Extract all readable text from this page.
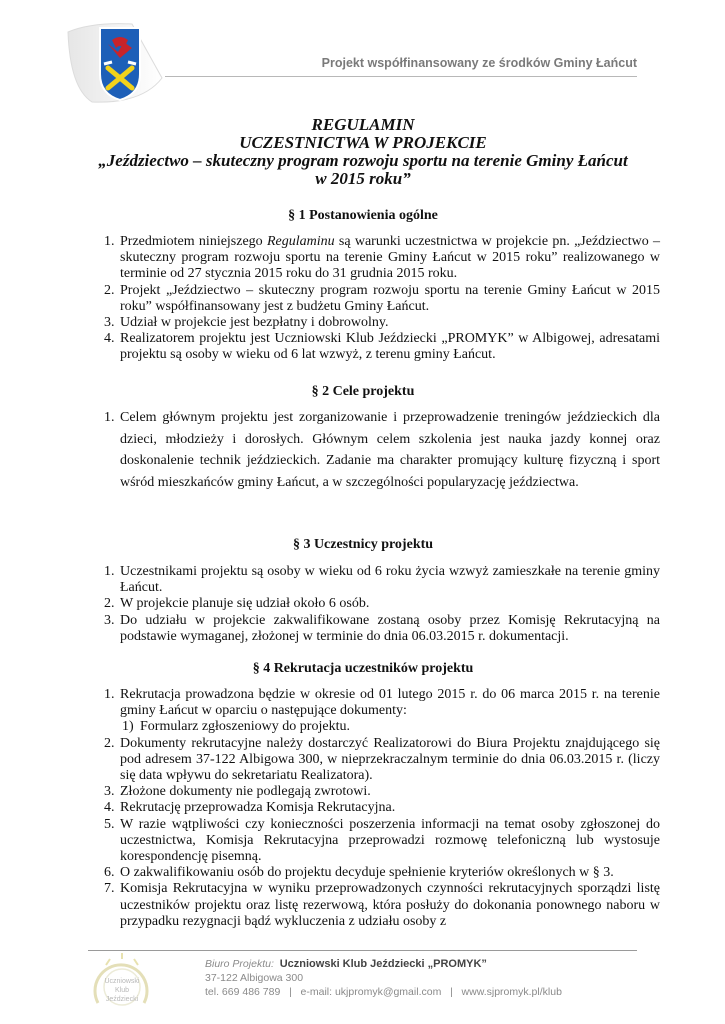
Projekt współfinansowany ze środków Gminy Łańcut
REGULAMIN
UCZESTNICTWA W PROJEKCIE
„Jeździectwo – skuteczny program rozwoju sportu na terenie Gminy Łańcut
w 2015 roku”
§ 1 Postanowienia ogólne
1. Przedmiotem niniejszego Regulaminu są warunki uczestnictwa w projekcie pn. „Jeździectwo – skuteczny program rozwoju sportu na terenie Gminy Łańcut w 2015 roku” realizowanego w terminie od 27 stycznia 2015 roku do 31 grudnia 2015 roku.
2. Projekt „Jeździectwo – skuteczny program rozwoju sportu na terenie Gminy Łańcut w 2015 roku” współfinansowany jest z budżetu Gminy Łańcut.
3. Udział w projekcie jest bezpłatny i dobrowolny.
4. Realizatorem projektu jest Uczniowski Klub Jeździecki „PROMYK” w Albigowej, adresatami projektu są osoby w wieku od 6 lat wzwyż, z terenu gminy Łańcut.
§ 2 Cele projektu
1. Celem głównym projektu jest zorganizowanie i przeprowadzenie treningów jeździeckich dla dzieci, młodzieży i dorosłych. Głównym celem szkolenia jest nauka jazdy konnej oraz doskonalenie technik jeździeckich. Zadanie ma charakter promujący kulturę fizyczną i sport wśród mieszkańców gminy Łańcut, a w szczególności popularyzację jeździectwa.
§ 3 Uczestnicy projektu
1. Uczestnikami projektu są osoby w wieku od 6 roku życia wzwyż zamieszkałe na terenie gminy Łańcut.
2. W projekcie planuje się udział około 6 osób.
3. Do udziału w projekcie zakwalifikowane zostaną osoby przez Komisję Rekrutacyjną na podstawie wymaganej, złożonej w terminie do dnia 06.03.2015 r. dokumentacji.
§ 4 Rekrutacja uczestników projektu
1. Rekrutacja prowadzona będzie w okresie od 01 lutego 2015 r. do 06 marca 2015 r. na terenie gminy Łańcut w oparciu o następujące dokumenty:
1) Formularz zgłoszeniowy do projektu.
2. Dokumenty rekrutacyjne należy dostarczyć Realizatorowi do Biura Projektu znajdującego się pod adresem 37-122 Albigowa 300, w nieprzekraczalnym terminie do dnia 06.03.2015 r. (liczy się data wpływu do sekretariatu Realizatora).
3. Złożone dokumenty nie podlegają zwrotowi.
4. Rekrutację przeprowadza Komisja Rekrutacyjna.
5. W razie wątpliwości czy konieczności poszerzenia informacji na temat osoby zgłoszonej do uczestnictwa, Komisja Rekrutacyjna przeprowadzi rozmowę telefoniczną lub wystosuje korespondencję pisemną.
6. O zakwalifikowaniu osób do projektu decyduje spełnienie kryteriów określonych w § 3.
7. Komisja Rekrutacyjna w wyniku przeprowadzonych czynności rekrutacyjnych sporządzi listę uczestników projektu oraz listę rezerwową, która posłuży do dokonania ponownego naboru w przypadku rezygnacji bądź wykluczenia z udziału osoby z
Uczniowski
Klub
Jeździecki
Biuro Projektu: Uczniowski Klub Jeździecki „PROMYK”
37-122 Albigowa 300
tel. 669 486 789   |   e-mail: ukjpromyk@gmail.com   |   www.sjpromyk.pl/klub
